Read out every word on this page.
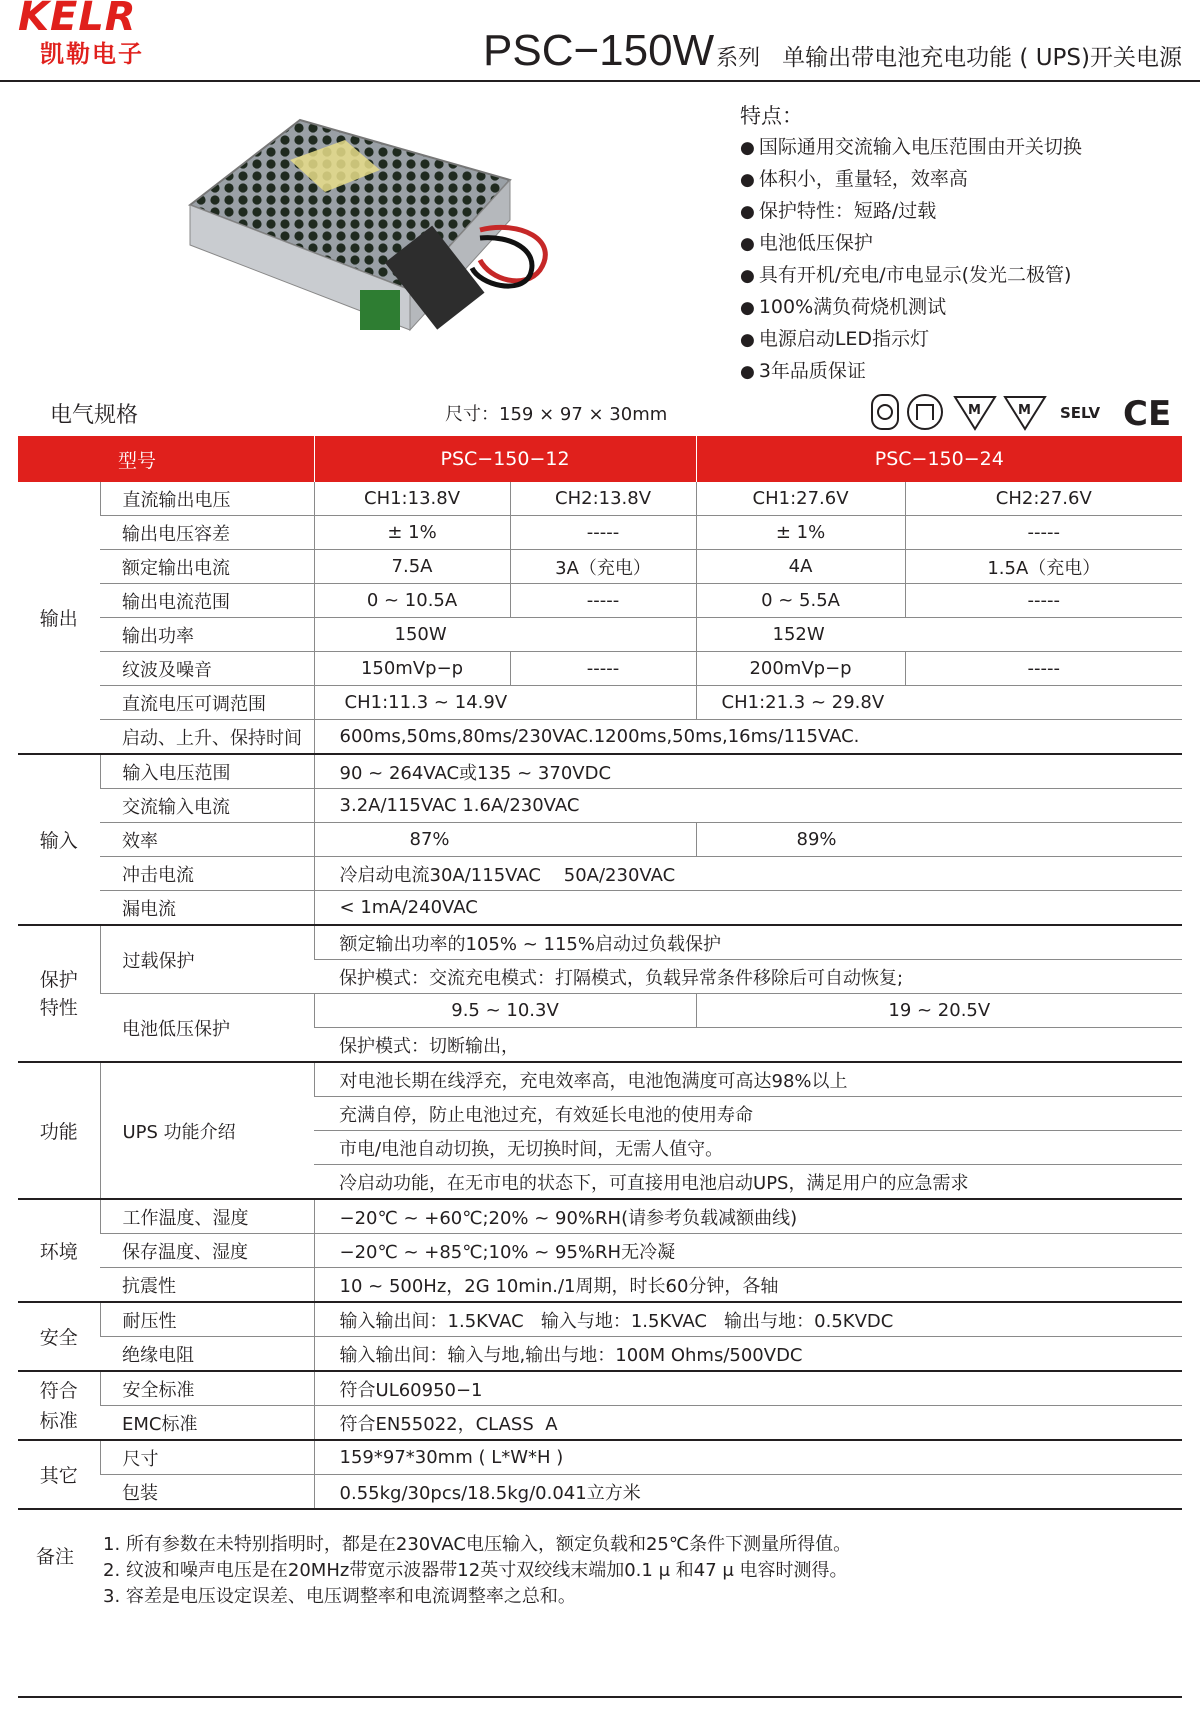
KELR
凯勒电子	PSC−150W系列 单输出带电池充电功能 ( UPS)开关电源
特点：
● 国际通用交流输入电压范围由开关切换
● 体积小，重量轻，效率高
● 保护特性：短路/过载
● 电池低压保护
● 具有开机/充电/市电显示(发光二极管)
● 100%满负荷烧机测试
● 电源启动LED指示灯
● 3年品质保证
电气规格	尺寸：159 × 97 × 30mm	M	M SELV CE
型号		PSC−150−12		PSC−150−24	
输出	直流输出电压	CH1:13.8V	CH2:13.8V	CH1:27.6V	CH2:27.6V
	输出电压容差	± 1%	-----	± 1%	-----
	额定输出电流	7.5A	3A（充电）	4A	1.5A（充电）
	输出电流范围	0 ~ 10.5A	-----	0 ~ 5.5A	-----
	输出功率	150W		152W	
	纹波及噪音	150mVp−p	-----	200mVp−p	-----
	直流电压可调范围	CH1:11.3 ~ 14.9V		CH1:21.3 ~ 29.8V	
	启动、上升、保持时间	600ms,50ms,80ms/230VAC.1200ms,50ms,16ms/115VAC.			
输入	输入电压范围	90 ~ 264VAC或135 ~ 370VDC			
	交流输入电流	3.2A/115VAC 1.6A/230VAC			
	效率	87%		89%	
	冲击电流	冷启动电流30A/115VAC    50A/230VAC			
	漏电流	< 1mA/240VAC			
保护
特性	过载保护	额定输出功率的105% ~ 115%启动过负载保护			
		保护模式：交流充电模式：打隔模式，负载异常条件移除后可自动恢复;			
	电池低压保护	9.5 ~ 10.3V		19 ~ 20.5V	
		保护模式：切断输出，			
功能	UPS 功能介绍	对电池长期在线浮充，充电效率高，电池饱满度可高达98%以上			
		充满自停，防止电池过充，有效延长电池的使用寿命			
		市电/电池自动切换，无切换时间，无需人值守。			
		冷启动功能，在无市电的状态下，可直接用电池启动UPS，满足用户的应急需求			
环境	工作温度、湿度	−20℃ ~ +60℃;20% ~ 90%RH(请参考负载减额曲线)			
	保存温度、湿度	−20℃ ~ +85℃;10% ~ 95%RH无冷凝			
	抗震性	10 ~ 500Hz，2G 10min./1周期，时长60分钟，各轴			
安全	耐压性	输入输出间：1.5KVAC   输入与地：1.5KVAC   输出与地：0.5KVDC			
	绝缘电阻	输入输出间：输入与地,输出与地：100M Ohms/500VDC			
符合
标准	安全标准	符合UL60950−1			
	EMC标准	符合EN55022，CLASS  A			
其它	尺寸	159*97*30mm ( L*W*H )			
	包装	0.55kg/30pcs/18.5kg/0.041立方米			
备注
1. 所有参数在未特别指明时，都是在230VAC电压输入，额定负载和25℃条件下测量所得值。
2. 纹波和噪声电压是在20MHz带宽示波器带12英寸双绞线末端加0.1 μ 和47 μ 电容时测得。
3. 容差是电压设定误差、电压调整率和电流调整率之总和。
